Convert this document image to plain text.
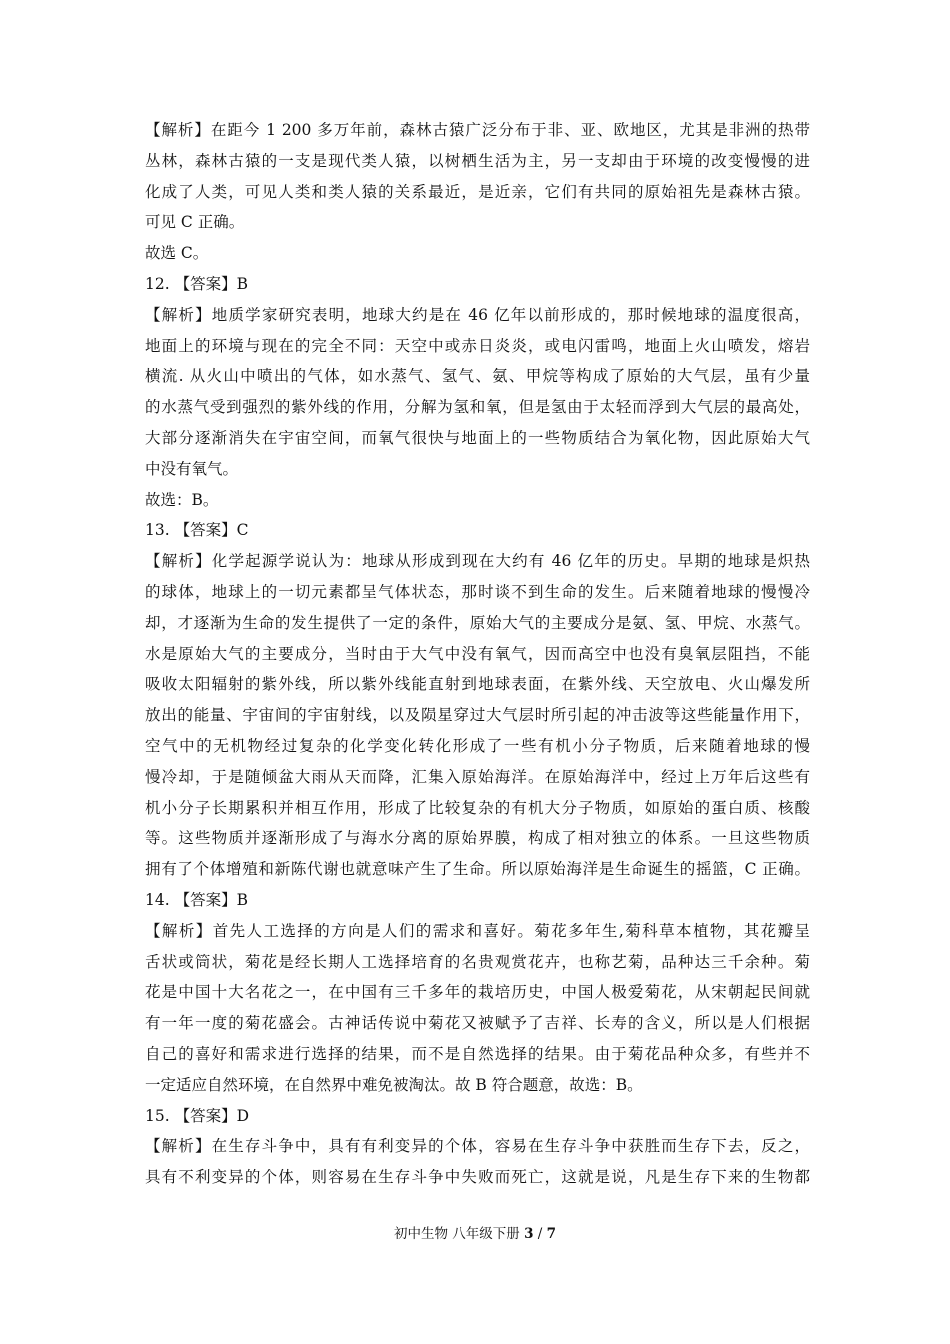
【解析】在距今 1 200 多万年前，森林古猿广泛分布于非、亚、欧地区，尤其是非洲的热带
丛林，森林古猿的一支是现代类人猿，以树栖生活为主，另一支却由于环境的改变慢慢的进
化成了人类，可见人类和类人猿的关系最近，是近亲，它们有共同的原始祖先是森林古猿。
可见 C 正确。
故选 C。
12. 【答案】B
【解析】地质学家研究表明，地球大约是在 46 亿年以前形成的，那时候地球的温度很高，
地面上的环境与现在的完全不同：天空中或赤日炎炎，或电闪雷鸣，地面上火山喷发，熔岩
横流. 从火山中喷出的气体，如水蒸气、氢气、氨、甲烷等构成了原始的大气层，虽有少量
的水蒸气受到强烈的紫外线的作用，分解为氢和氧，但是氢由于太轻而浮到大气层的最高处，
大部分逐渐消失在宇宙空间，而氧气很快与地面上的一些物质结合为氧化物，因此原始大气
中没有氧气。
故选：B。
13. 【答案】C
【解析】化学起源学说认为：地球从形成到现在大约有 46 亿年的历史。早期的地球是炽热
的球体，地球上的一切元素都呈气体状态，那时谈不到生命的发生。后来随着地球的慢慢冷
却，才逐渐为生命的发生提供了一定的条件，原始大气的主要成分是氨、氢、甲烷、水蒸气。
水是原始大气的主要成分，当时由于大气中没有氧气，因而高空中也没有臭氧层阻挡，不能
吸收太阳辐射的紫外线，所以紫外线能直射到地球表面，在紫外线、天空放电、火山爆发所
放出的能量、宇宙间的宇宙射线，以及陨星穿过大气层时所引起的冲击波等这些能量作用下，
空气中的无机物经过复杂的化学变化转化形成了一些有机小分子物质，后来随着地球的慢
慢冷却，于是随倾盆大雨从天而降，汇集入原始海洋。在原始海洋中，经过上万年后这些有
机小分子长期累积并相互作用，形成了比较复杂的有机大分子物质，如原始的蛋白质、核酸
等。这些物质并逐渐形成了与海水分离的原始界膜，构成了相对独立的体系。一旦这些物质
拥有了个体增殖和新陈代谢也就意味产生了生命。所以原始海洋是生命诞生的摇篮，C 正确。
14. 【答案】B
【解析】首先人工选择的方向是人们的需求和喜好。菊花多年生,菊科草本植物，其花瓣呈
舌状或筒状，菊花是经长期人工选择培育的名贵观赏花卉，也称艺菊，品种达三千余种。菊
花是中国十大名花之一，在中国有三千多年的栽培历史，中国人极爱菊花，从宋朝起民间就
有一年一度的菊花盛会。古神话传说中菊花又被赋予了吉祥、长寿的含义，所以是人们根据
自己的喜好和需求进行选择的结果，而不是自然选择的结果。由于菊花品种众多，有些并不
一定适应自然环境，在自然界中难免被淘汰。故 B 符合题意，故选：B。
15. 【答案】D
【解析】在生存斗争中，具有有利变异的个体，容易在生存斗争中获胜而生存下去，反之，
具有不利变异的个体，则容易在生存斗争中失败而死亡，这就是说，凡是生存下来的生物都
初中生物 八年级下册 3 / 7
